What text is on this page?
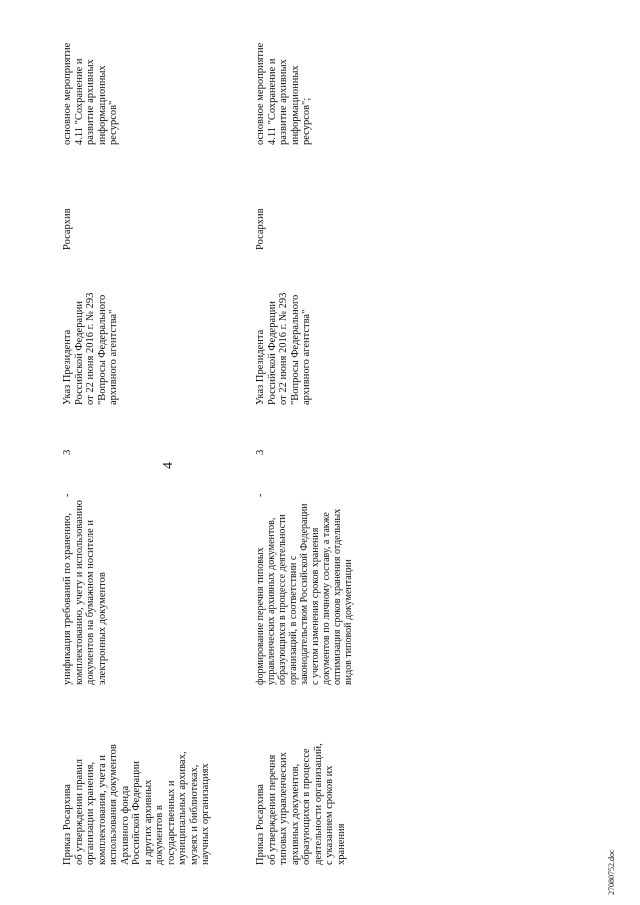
27080752.doc
Приказ Росархива
об утверждении правил
организации хранения,
комплектования, учета и
использования документов
Архивного фонда
Российской Федерации
и других архивных
документов в
государственных и
муниципальных архивах,
музеях и библиотеках,
научных организациях
унификация требований по хранению,
комплектованию, учету и использованию
документов на бумажном носителе и
электронных документов
-
3
Указ Президента
Российской Федерации
от 22 июня 2016 г. № 293
"Вопросы Федерального
архивного агентства"
Росархив
основное мероприятие
4.11 "Сохранение и
развитие архивных
информационных
ресурсов"
4
Приказ Росархива
об утверждении перечня
типовых управленческих
архивных документов,
образующихся в процессе
деятельности организаций,
с указанием сроков их
хранения
формирование перечня типовых
управленческих архивных документов,
образующихся в процессе деятельности
организаций, в соответствии с
законодательством Российской Федерации
с учетом изменения сроков хранения
документов по личному составу, а также
оптимизация сроков хранения отдельных
видов типовой документации
-
3
Указ Президента
Российской Федерации
от 22 июня 2016 г. № 293
"Вопросы Федерального
архивного агентства"
Росархив
основное мероприятие
4.11 "Сохранение и
развитие архивных
информационных
ресурсов";
